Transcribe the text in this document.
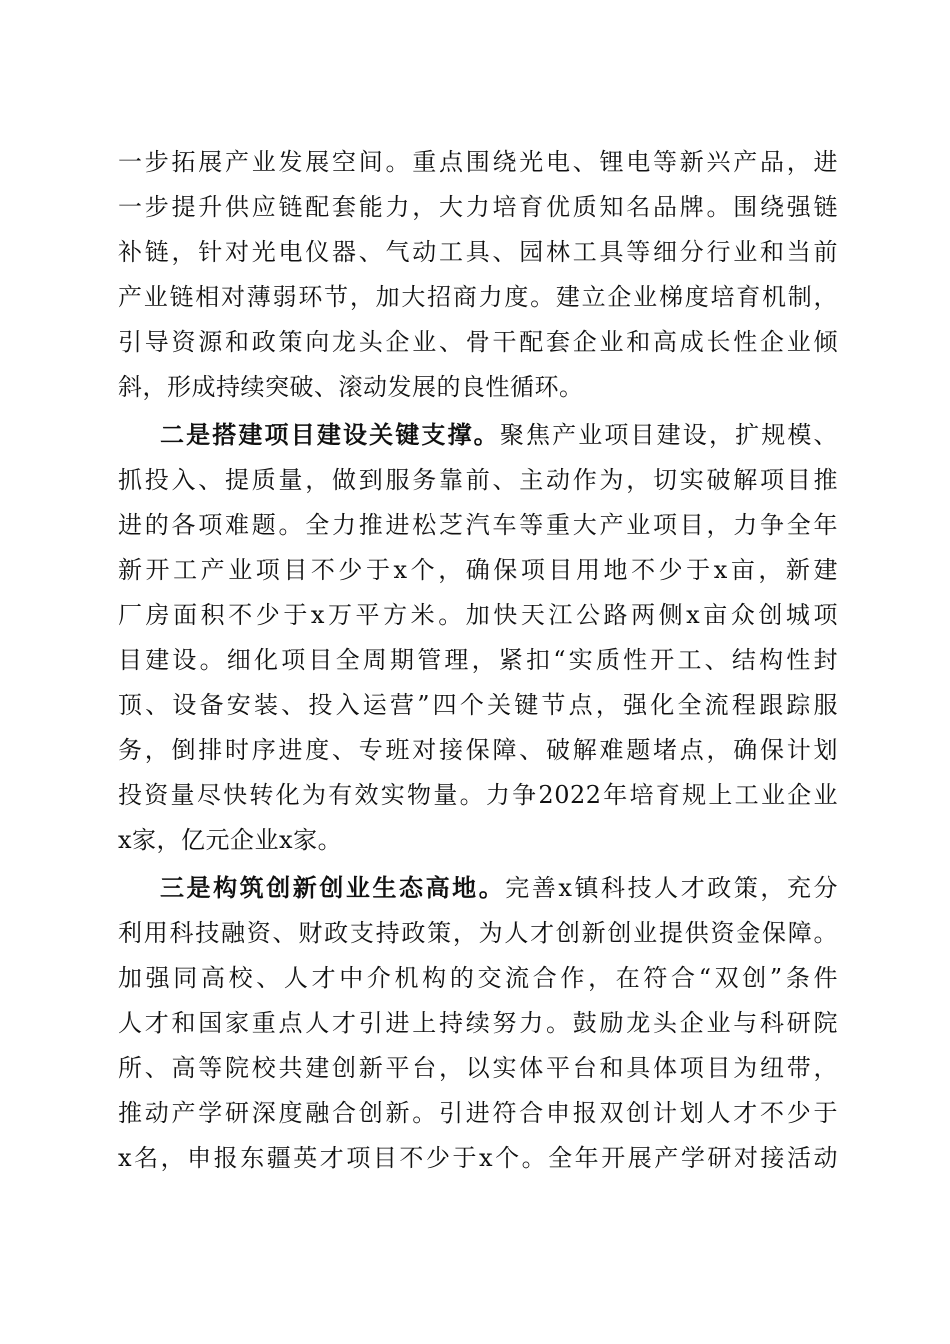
一步拓展产业发展空间。重点围绕光电、锂电等新兴产品，进
一步提升供应链配套能力，大力培育优质知名品牌。围绕强链
补链，针对光电仪器、气动工具、园林工具等细分行业和当前
产业链相对薄弱环节，加大招商力度。建立企业梯度培育机制，
引导资源和政策向龙头企业、骨干配套企业和高成长性企业倾
斜，形成持续突破、滚动发展的良性循环。
二是搭建项目建设关键支撑。聚焦产业项目建设，扩规模、
抓投入、提质量，做到服务靠前、主动作为，切实破解项目推
进的各项难题。全力推进松芝汽车等重大产业项目，力争全年
新开工产业项目不少于x个，确保项目用地不少于x亩，新建
厂房面积不少于x万平方米。加快天江公路两侧x亩众创城项
目建设。细化项目全周期管理，紧扣“实质性开工、结构性封
顶、设备安装、投入运营”四个关键节点，强化全流程跟踪服
务，倒排时序进度、专班对接保障、破解难题堵点，确保计划
投资量尽快转化为有效实物量。力争2022年培育规上工业企业
x家，亿元企业x家。
三是构筑创新创业生态高地。完善x镇科技人才政策，充分
利用科技融资、财政支持政策，为人才创新创业提供资金保障。
加强同高校、人才中介机构的交流合作，在符合“双创”条件
人才和国家重点人才引进上持续努力。鼓励龙头企业与科研院
所、高等院校共建创新平台，以实体平台和具体项目为纽带，
推动产学研深度融合创新。引进符合申报双创计划人才不少于
x名，申报东疆英才项目不少于x个。全年开展产学研对接活动
